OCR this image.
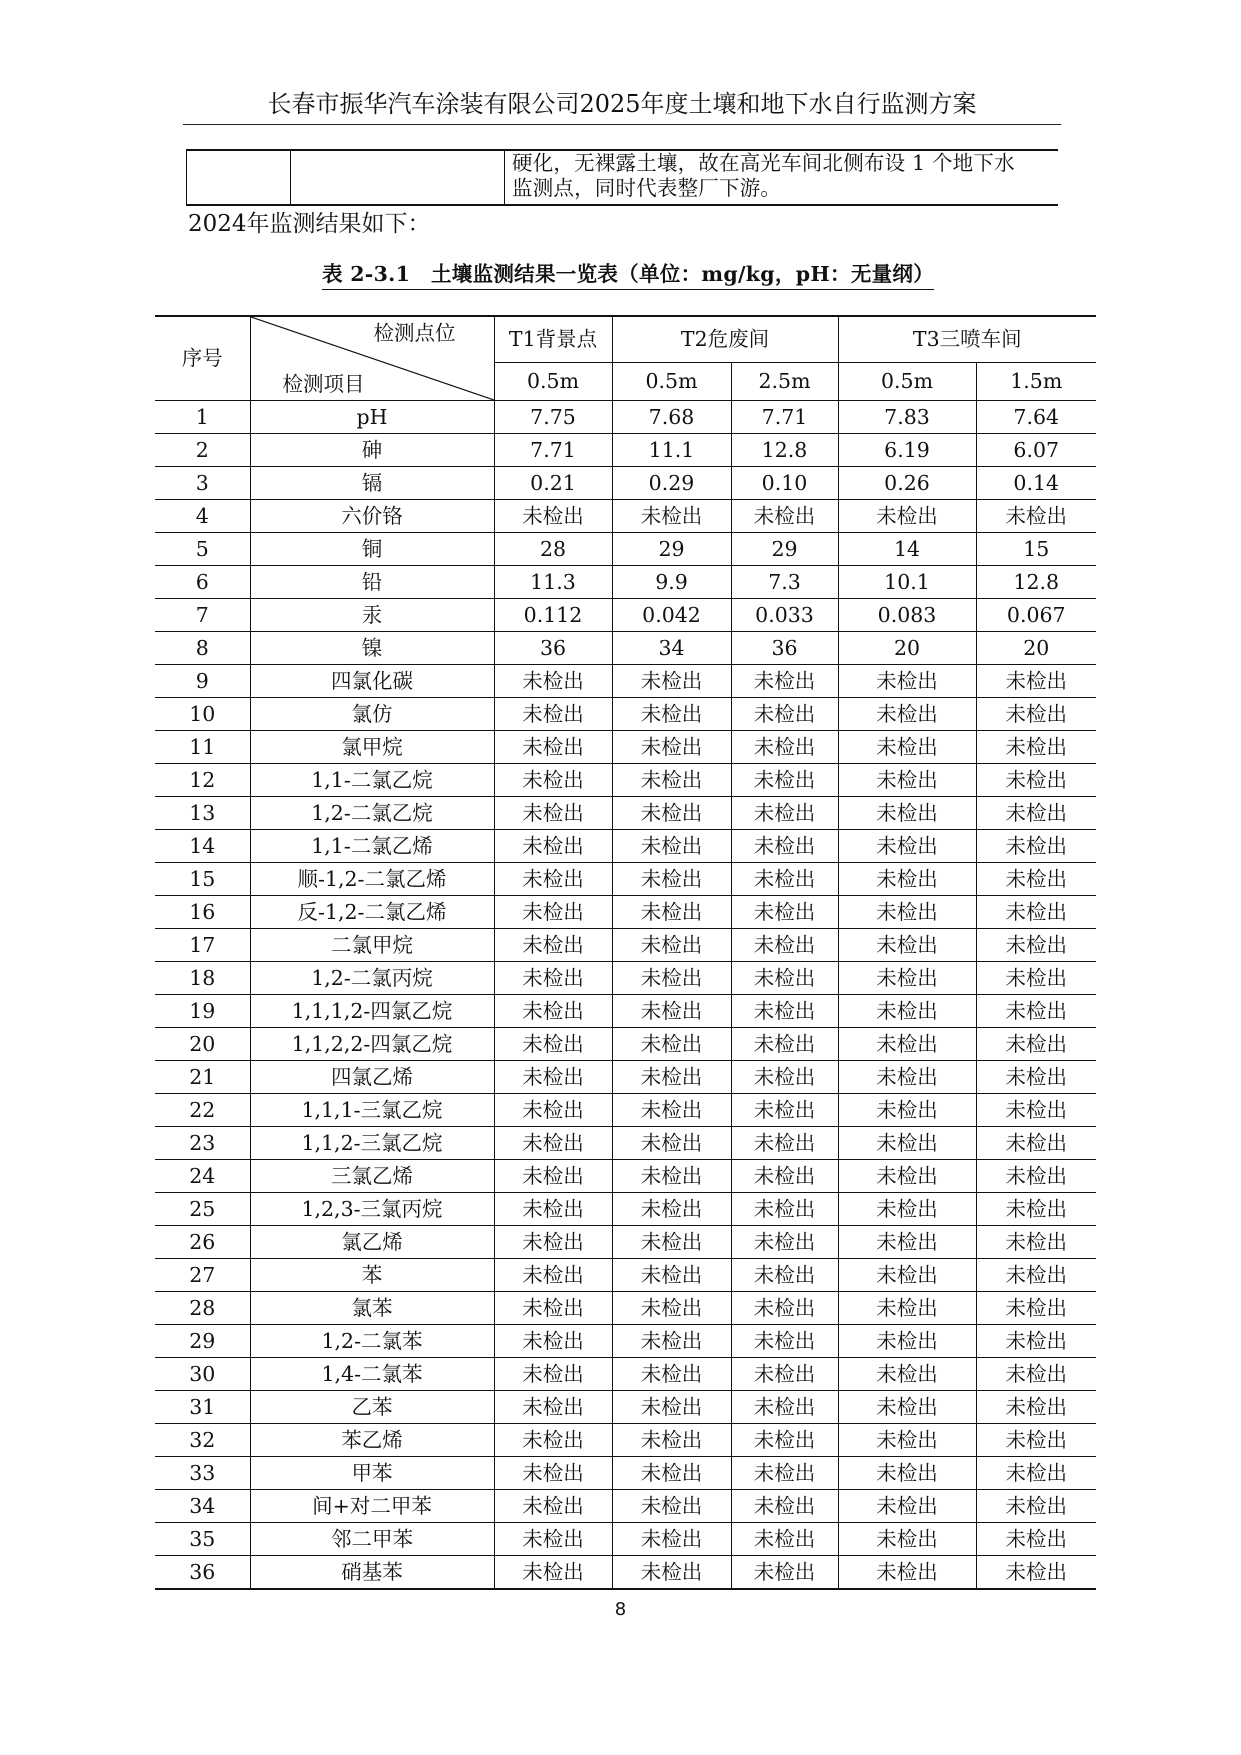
长春市振华汽车涂装有限公司2025年度土壤和地下水自行监测方案
硬化，无裸露土壤，故在高光车间北侧布设 1 个地下水
监测点，同时代表整厂下游。
2024年监测结果如下：
表 2-3.1　土壤监测结果一览表（单位：mg/kg，pH：无量纲）
序号	检测点位
检测项目	T1背景点	T2危废间		T3三喷车间	
		0.5m	0.5m	2.5m	0.5m	1.5m
1	pH	7.75	7.68	7.71	7.83	7.64
2	砷	7.71	11.1	12.8	6.19	6.07
3	镉	0.21	0.29	0.10	0.26	0.14
4	六价铬	未检出	未检出	未检出	未检出	未检出
5	铜	28	29	29	14	15
6	铅	11.3	9.9	7.3	10.1	12.8
7	汞	0.112	0.042	0.033	0.083	0.067
8	镍	36	34	36	20	20
9	四氯化碳	未检出	未检出	未检出	未检出	未检出
10	氯仿	未检出	未检出	未检出	未检出	未检出
11	氯甲烷	未检出	未检出	未检出	未检出	未检出
12	1,1-二氯乙烷	未检出	未检出	未检出	未检出	未检出
13	1,2-二氯乙烷	未检出	未检出	未检出	未检出	未检出
14	1,1-二氯乙烯	未检出	未检出	未检出	未检出	未检出
15	顺-1,2-二氯乙烯	未检出	未检出	未检出	未检出	未检出
16	反-1,2-二氯乙烯	未检出	未检出	未检出	未检出	未检出
17	二氯甲烷	未检出	未检出	未检出	未检出	未检出
18	1,2-二氯丙烷	未检出	未检出	未检出	未检出	未检出
19	1,1,1,2-四氯乙烷	未检出	未检出	未检出	未检出	未检出
20	1,1,2,2-四氯乙烷	未检出	未检出	未检出	未检出	未检出
21	四氯乙烯	未检出	未检出	未检出	未检出	未检出
22	1,1,1-三氯乙烷	未检出	未检出	未检出	未检出	未检出
23	1,1,2-三氯乙烷	未检出	未检出	未检出	未检出	未检出
24	三氯乙烯	未检出	未检出	未检出	未检出	未检出
25	1,2,3-三氯丙烷	未检出	未检出	未检出	未检出	未检出
26	氯乙烯	未检出	未检出	未检出	未检出	未检出
27	苯	未检出	未检出	未检出	未检出	未检出
28	氯苯	未检出	未检出	未检出	未检出	未检出
29	1,2-二氯苯	未检出	未检出	未检出	未检出	未检出
30	1,4-二氯苯	未检出	未检出	未检出	未检出	未检出
31	乙苯	未检出	未检出	未检出	未检出	未检出
32	苯乙烯	未检出	未检出	未检出	未检出	未检出
33	甲苯	未检出	未检出	未检出	未检出	未检出
34	间+对二甲苯	未检出	未检出	未检出	未检出	未检出
35	邻二甲苯	未检出	未检出	未检出	未检出	未检出
36	硝基苯	未检出	未检出	未检出	未检出	未检出
8
